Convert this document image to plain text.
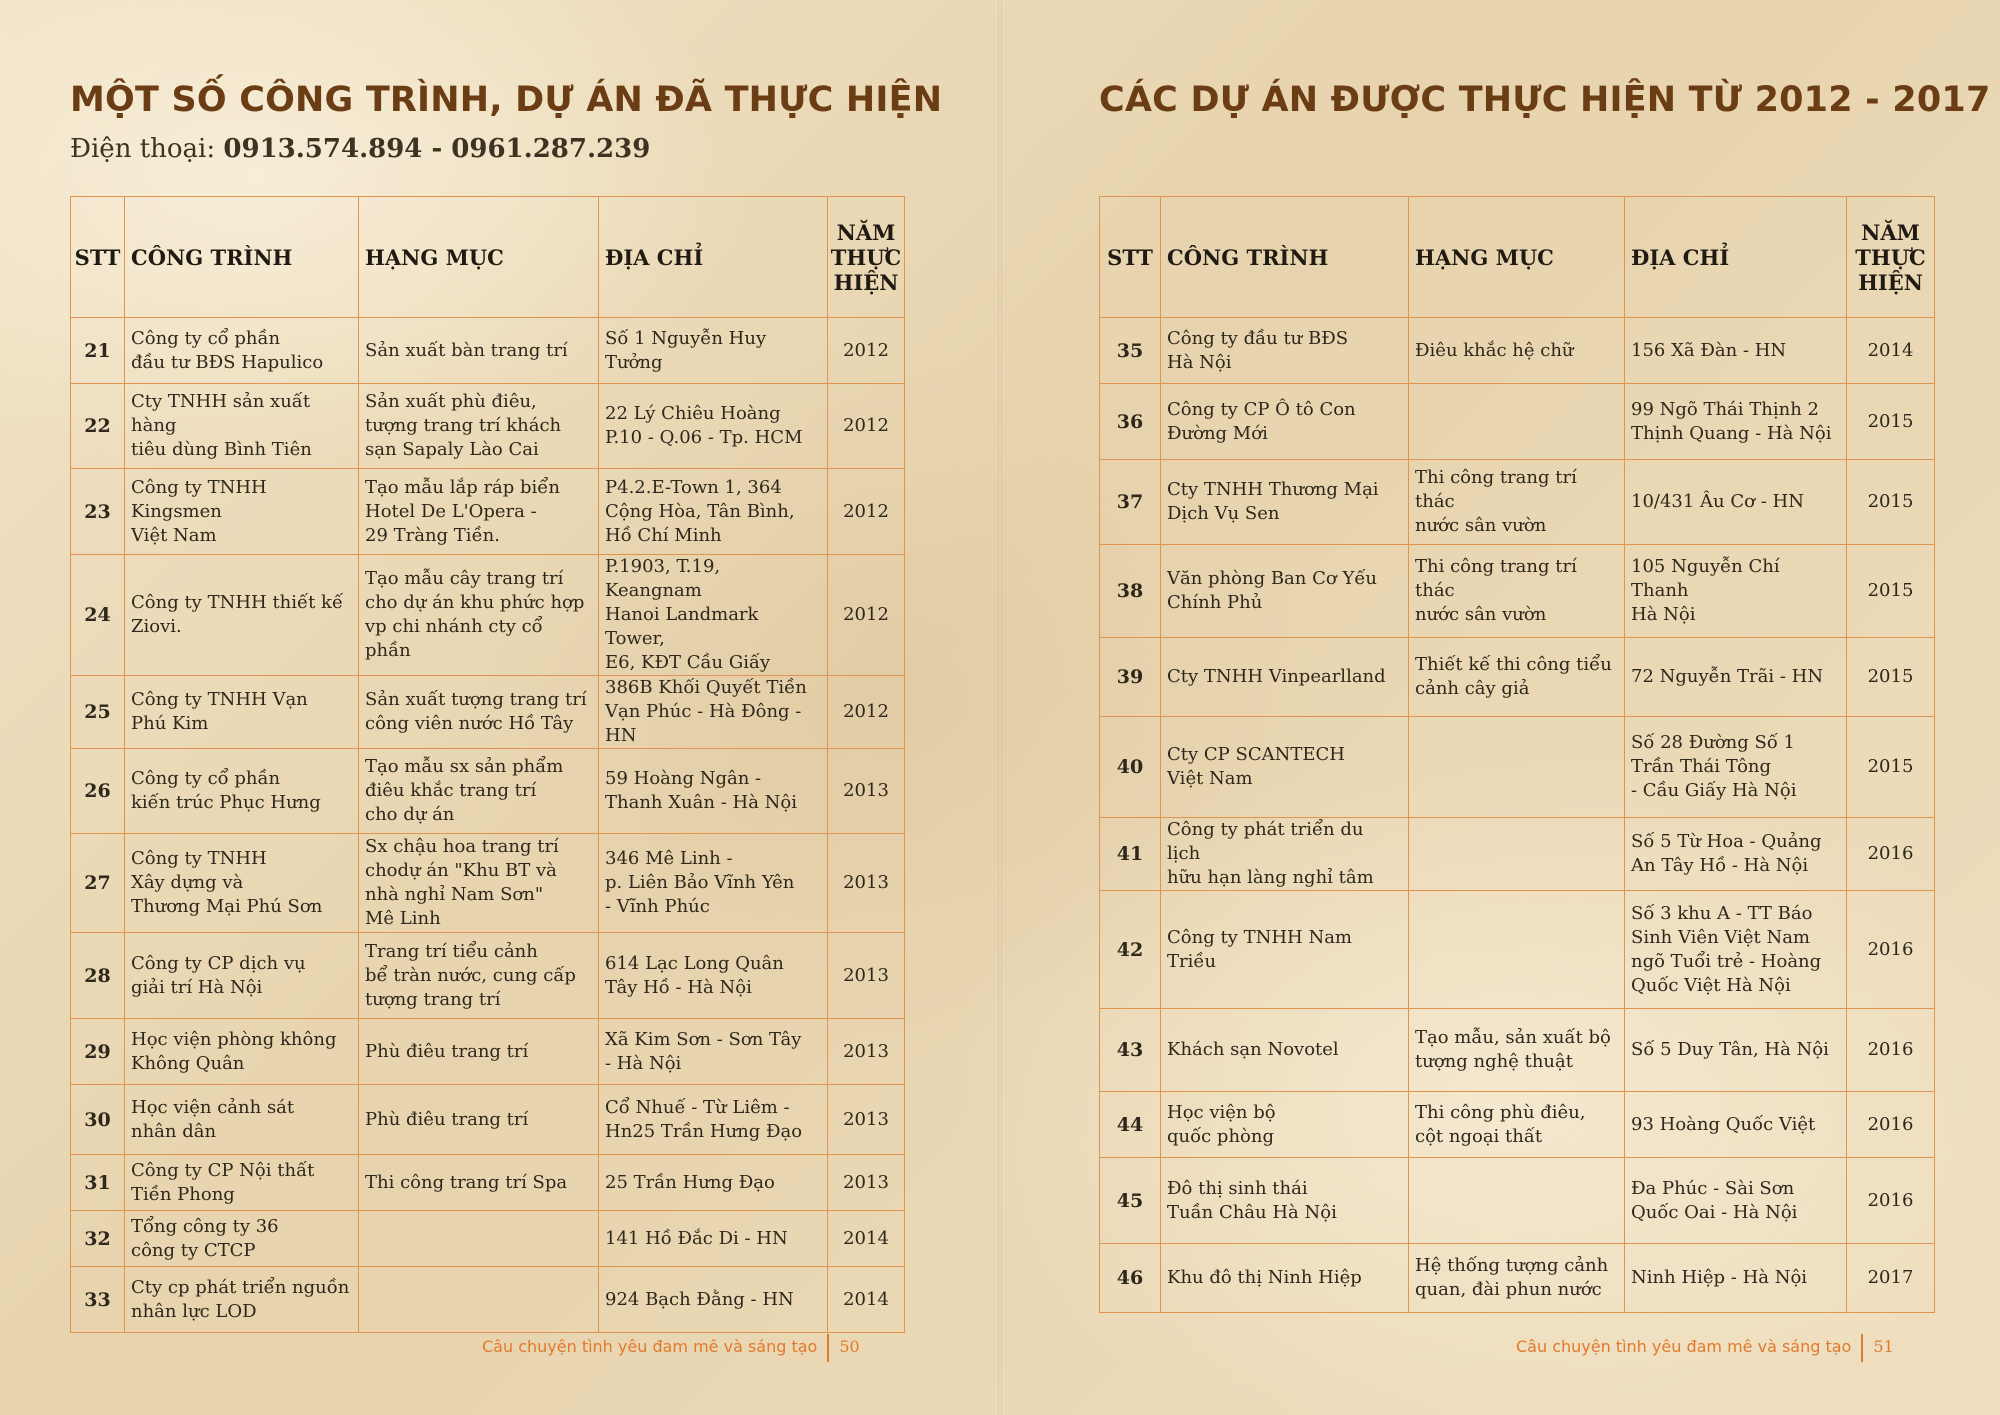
MỘT SỐ CÔNG TRÌNH, DỰ ÁN ĐÃ THỰC HIỆN

Điện thoại: 0913.574.894 - 0961.287.239

STT	CÔNG TRÌNH	HẠNG MỤC	ĐỊA CHỈ	NĂM
THỰC
HIỆN
21	Công ty cổ phần
đầu tư BĐS Hapulico	Sản xuất bàn trang trí	Số 1 Nguyễn Huy Tưởng	2012
22	Cty TNHH sản xuất hàng
tiêu dùng Bình Tiên	Sản xuất phù điêu,
tượng trang trí khách
sạn Sapaly Lào Cai	22 Lý Chiêu Hoàng
P.10 - Q.06 - Tp. HCM	2012
23	Công ty TNHH Kingsmen
Việt Nam	Tạo mẫu lắp ráp biển
Hotel De L'Opera -
29 Tràng Tiền.	P4.2.E-Town 1, 364
Cộng Hòa, Tân Bình,
Hồ Chí Minh	2012
24	Công ty TNHH thiết kế
Ziovi.	Tạo mẫu cây trang trí
cho dự án khu phức hợp
vp chi nhánh cty cổ phần	P.1903, T.19, Keangnam
Hanoi Landmark Tower,
E6, KĐT Cầu Giấy	2012
25	Công ty TNHH Vạn
Phú Kim	Sản xuất tượng trang trí
công viên nước Hồ Tây	386B Khối Quyết Tiền
Vạn Phúc - Hà Đông - HN	2012
26	Công ty cổ phần
kiến trúc Phục Hưng	Tạo mẫu sx sản phẩm
điêu khắc trang trí
cho dự án	59 Hoàng Ngân -
Thanh Xuân - Hà Nội	2013
27	Công ty TNHH
Xây dựng và
Thương Mại Phú Sơn	Sx chậu hoa trang trí
chodự án "Khu BT và
nhà nghỉ Nam Sơn"
Mê Linh	346 Mê Linh -
p. Liên Bảo Vĩnh Yên
- Vĩnh Phúc	2013
28	Công ty CP dịch vụ
giải trí Hà Nội	Trang trí tiểu cảnh
bể tràn nước, cung cấp
tượng trang trí	614 Lạc Long Quân
Tây Hồ - Hà Nội	2013
29	Học viện phòng không
Không Quân	Phù điêu trang trí	Xã Kim Sơn - Sơn Tây
- Hà Nội	2013
30	Học viện cảnh sát
nhân dân	Phù điêu trang trí	Cổ Nhuế - Từ Liêm -
Hn25 Trần Hưng Đạo	2013
31	Công ty CP Nội thất
Tiền Phong	Thi công trang trí Spa	25 Trần Hưng Đạo	2013
32	Tổng công ty 36
công ty CTCP		141 Hồ Đắc Di - HN	2014
33	Cty cp phát triển nguồn
nhân lực LOD		924 Bạch Đằng - HN	2014
Câu chuyện tình yêu đam mê và sáng tạo 50
CÁC DỰ ÁN ĐƯỢC THỰC HIỆN TỪ 2012 - 2017
STT	CÔNG TRÌNH	HẠNG MỤC	ĐỊA CHỈ	NĂM
THỰC
HIỆN
35	Công ty đầu tư BĐS
Hà Nội	Điêu khắc hệ chữ	156 Xã Đàn - HN	2014
36	Công ty CP Ô tô Con
Đường Mới		99 Ngõ Thái Thịnh 2
Thịnh Quang - Hà Nội	2015
37	Cty TNHH Thương Mại
Dịch Vụ Sen	Thi công trang trí thác
nước sân vườn	10/431 Âu Cơ - HN	2015
38	Văn phòng Ban Cơ Yếu
Chính Phủ	Thi công trang trí thác
nước sân vườn	105 Nguyễn Chí Thanh
Hà Nội	2015
39	Cty TNHH Vinpearlland	Thiết kế thi công tiểu
cảnh cây giả	72 Nguyễn Trãi - HN	2015
40	Cty CP SCANTECH
Việt Nam		Số 28 Đường Số 1
Trần Thái Tông
- Cầu Giấy Hà Nội	2015
41	Công ty phát triển du lịch
hữu hạn làng nghỉ tâm		Số 5 Từ Hoa - Quảng
An Tây Hồ - Hà Nội	2016
42	Công ty TNHH Nam Triều		Số 3 khu A - TT Báo
Sinh Viên Việt Nam
ngõ Tuổi trẻ - Hoàng
Quốc Việt Hà Nội	2016
43	Khách sạn Novotel	Tạo mẫu, sản xuất bộ
tượng nghệ thuật	Số 5 Duy Tân, Hà Nội	2016
44	Học viện bộ
quốc phòng	Thi công phù điêu,
cột ngoại thất	93 Hoàng Quốc Việt	2016
45	Đô thị sinh thái
Tuần Châu Hà Nội		Đa Phúc - Sài Sơn
Quốc Oai - Hà Nội	2016
46	Khu đô thị Ninh Hiệp	Hệ thống tượng cảnh
quan, đài phun nước	Ninh Hiệp - Hà Nội	2017
Câu chuyện tình yêu đam mê và sáng tạo 51
